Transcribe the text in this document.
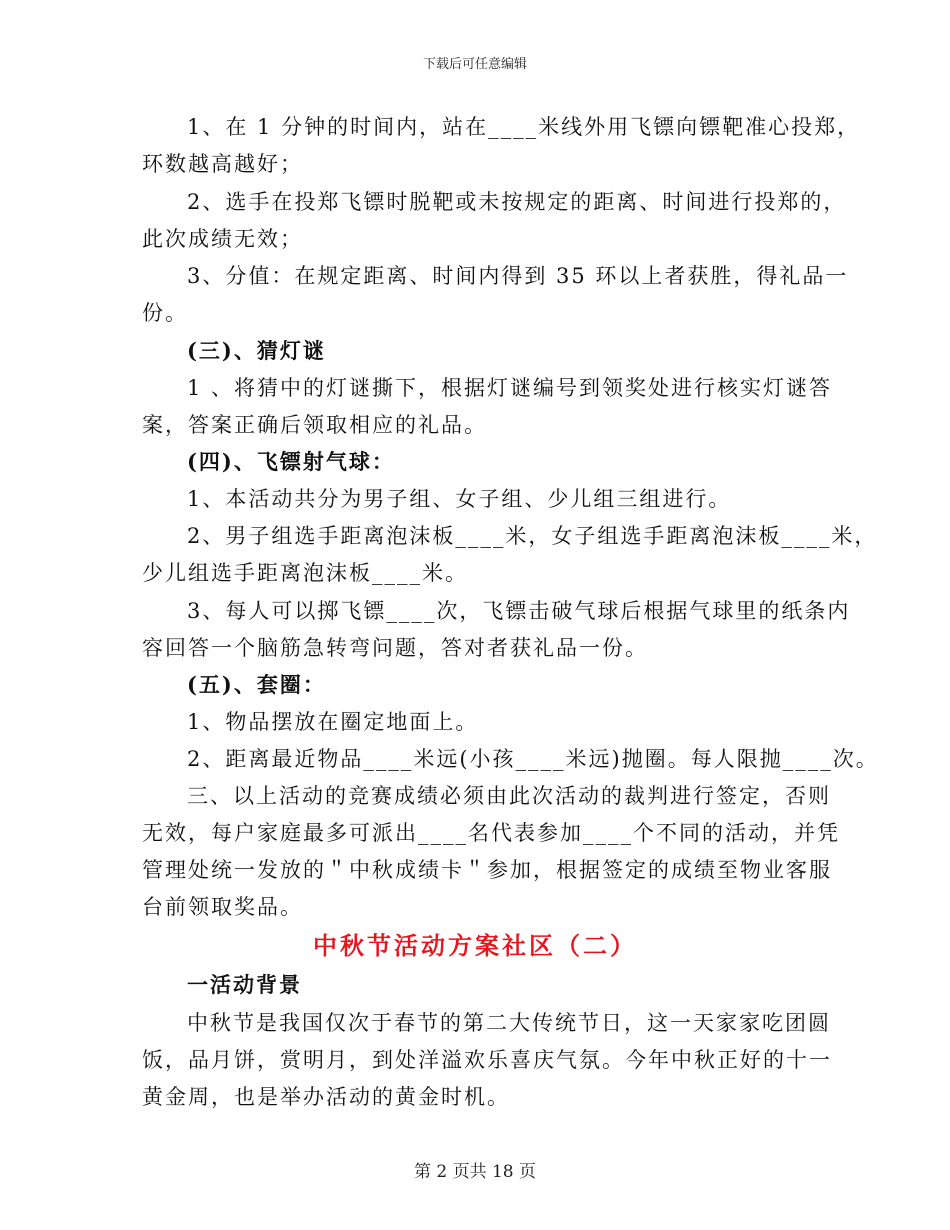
下载后可任意编辑
1、在 1 分钟的时间内，站在____米线外用飞镖向镖靶准心投郑，
环数越高越好；
2、选手在投郑飞镖时脱靶或未按规定的距离、时间进行投郑的，
此次成绩无效；
3、分值：在规定距离、时间内得到 35 环以上者获胜，得礼品一
份。
(三)、猜灯谜
1 、将猜中的灯谜撕下，根据灯谜编号到领奖处进行核实灯谜答
案，答案正确后领取相应的礼品。
(四)、飞镖射气球：
1、本活动共分为男子组、女子组、少儿组三组进行。
2、男子组选手距离泡沫板____米，女子组选手距离泡沫板____米，
少儿组选手距离泡沫板____米。
3、每人可以掷飞镖____次，飞镖击破气球后根据气球里的纸条内
容回答一个脑筋急转弯问题，答对者获礼品一份。
(五)、套圈：
1、物品摆放在圈定地面上。
2、距离最近物品____米远(小孩____米远)抛圈。每人限抛____次。
三、以上活动的竞赛成绩必须由此次活动的裁判进行签定，否则
无效，每户家庭最多可派出____名代表参加____个不同的活动，并凭
管理处统一发放的＂中秋成绩卡＂参加，根据签定的成绩至物业客服
台前领取奖品。
中秋节活动方案社区（二）
一活动背景
中秋节是我国仅次于春节的第二大传统节日，这一天家家吃团圆
饭，品月饼，赏明月，到处洋溢欢乐喜庆气氛。今年中秋正好的十一
黄金周，也是举办活动的黄金时机。
第 2 页共 18 页
